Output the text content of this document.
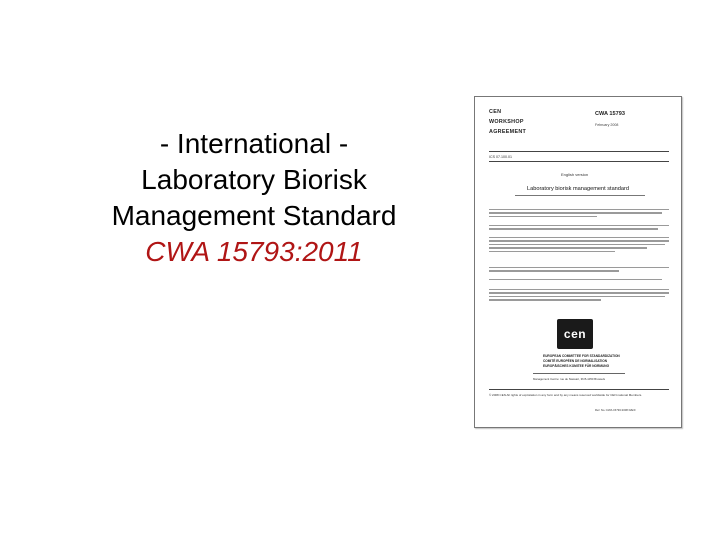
- International -
Laboratory Biorisk
Management Standard
CWA 15793:2011
CEN
WORKSHOP
AGREEMENT
CWA 15793
February 2008
ICS 07.100.01
English version
Laboratory biorisk management standard
cen
EUROPEAN COMMITTEE FOR STANDARDIZATION
COMITÉ EUROPÉEN DE NORMALISATION
EUROPÄISCHES KOMITEE FÜR NORMUNG
Management Centre: rue de Stassart, 36 B-1050 Brussels
© 2008 CEN All rights of exploitation in any form and by any means reserved worldwide for CEN national Members.
Ref. No.:CWA 15793:2008 D/E/F
